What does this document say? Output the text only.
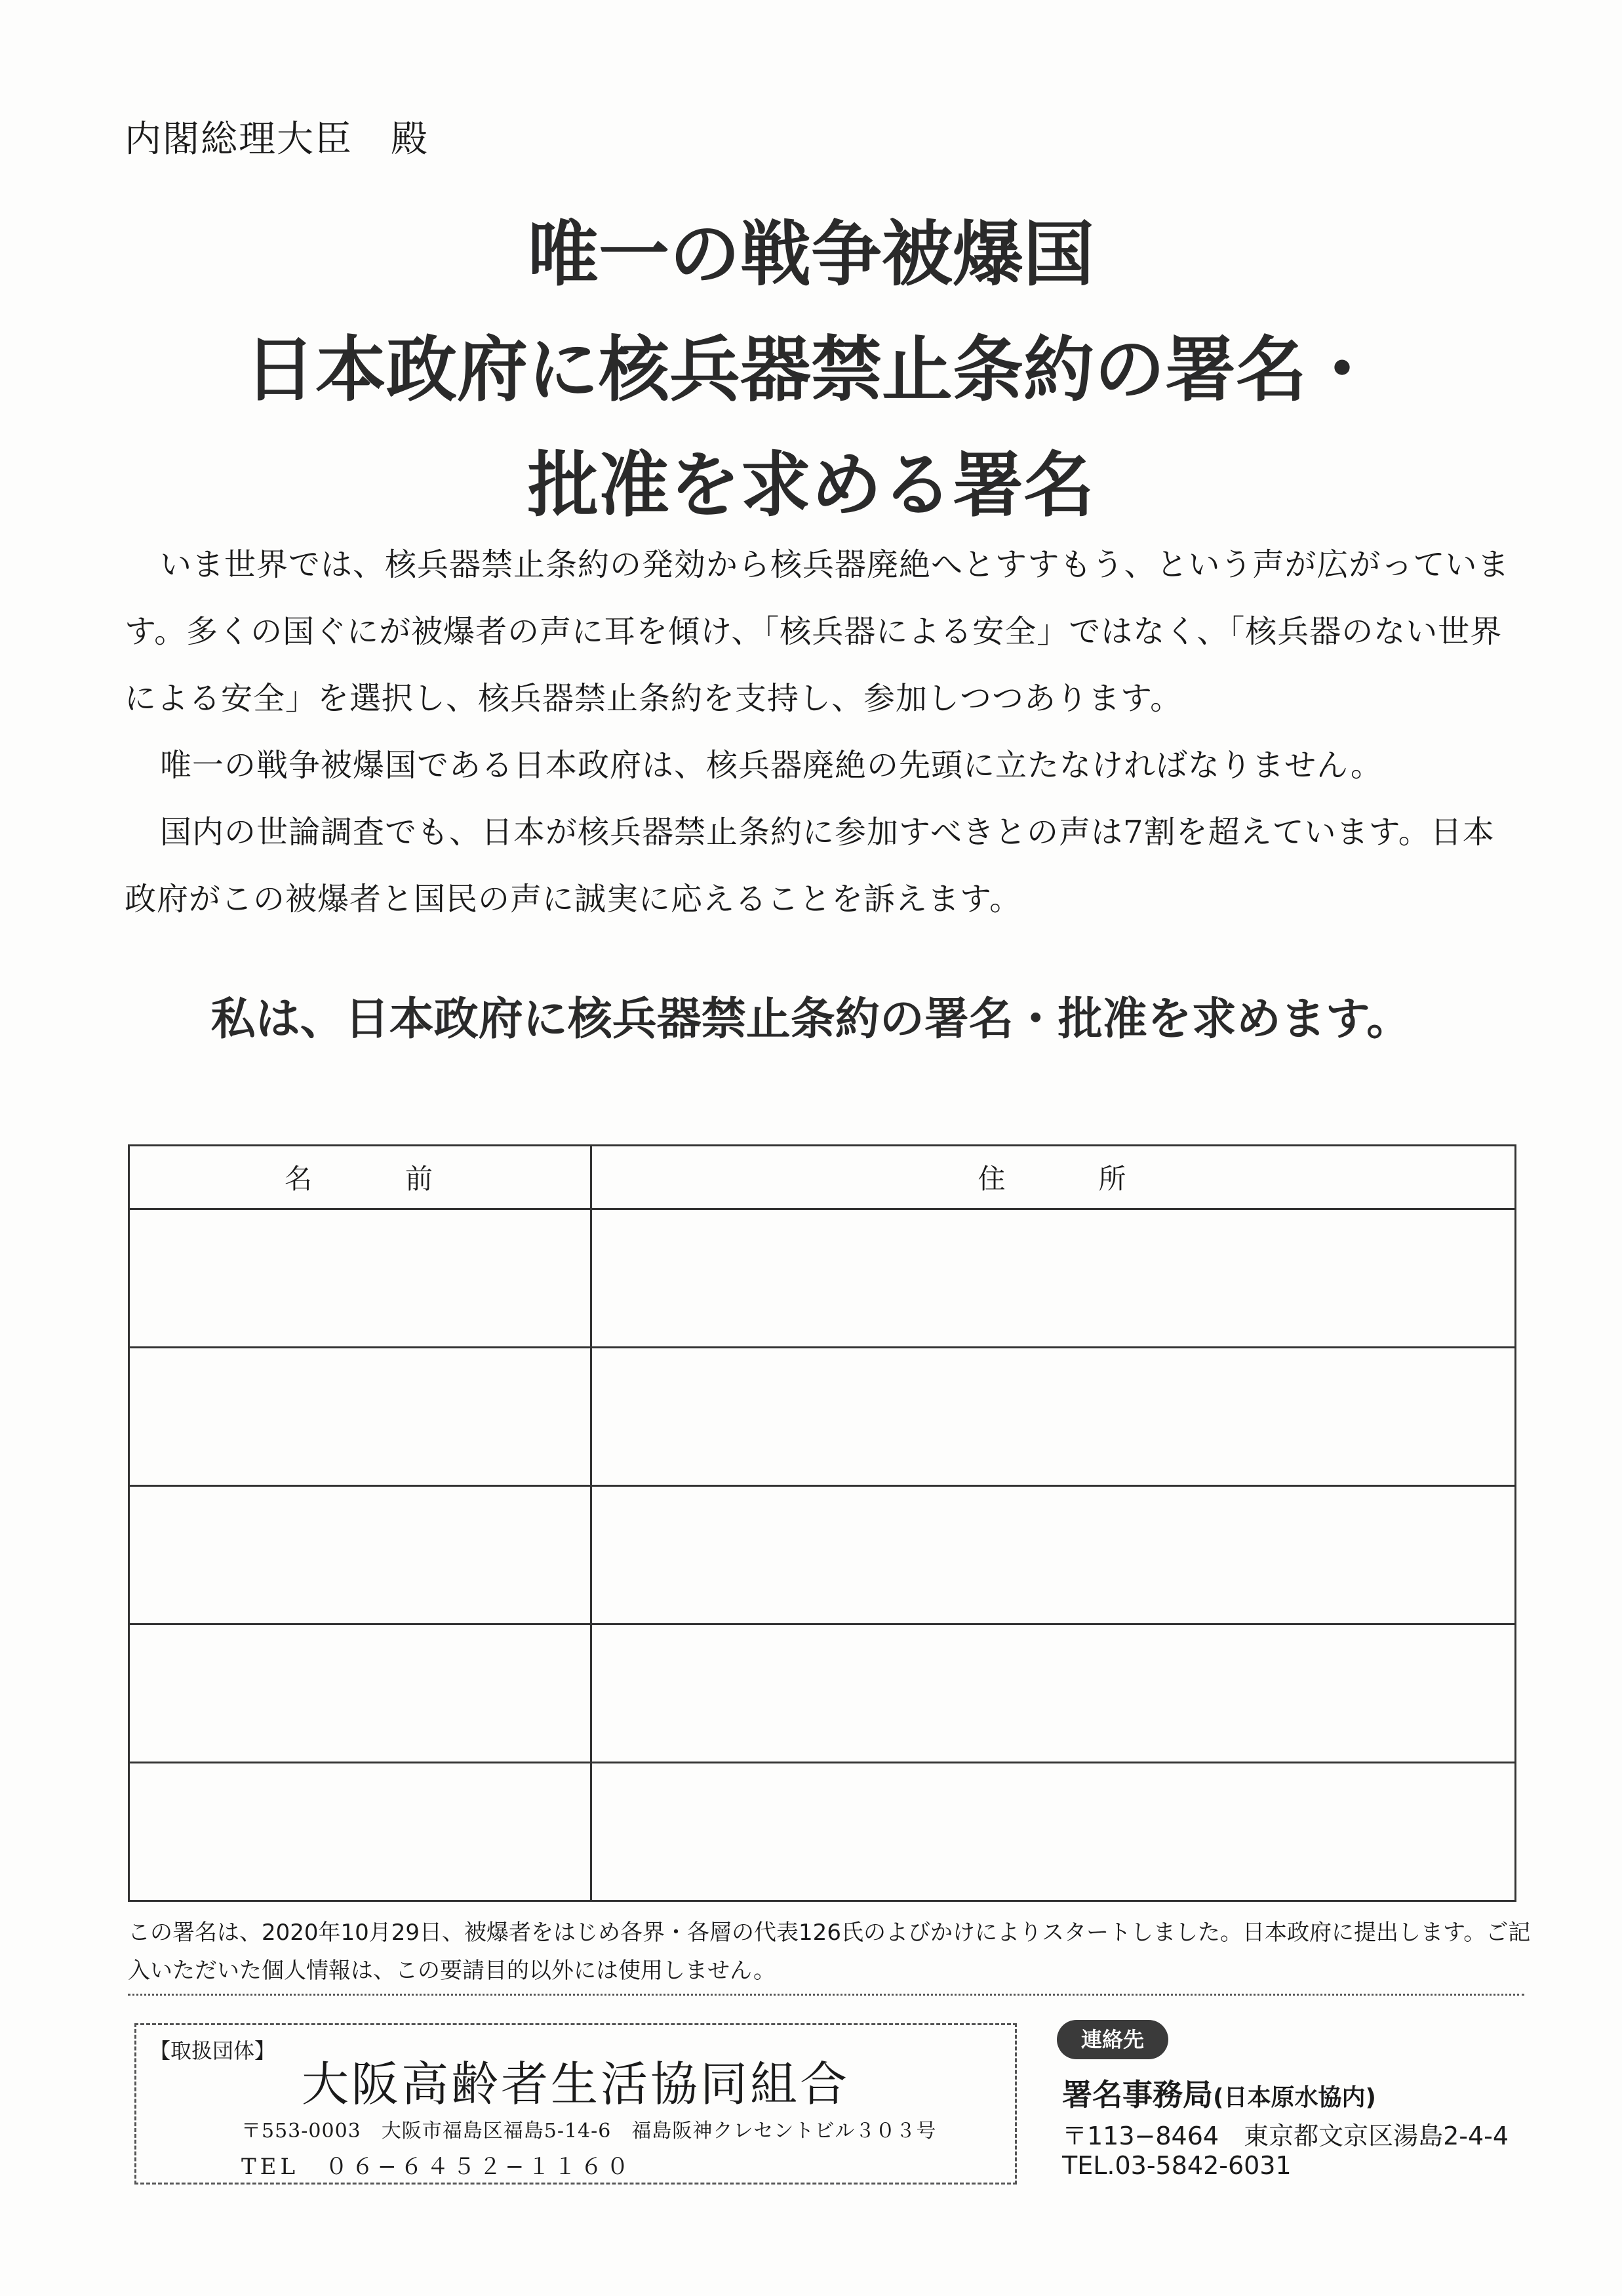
内閣総理大臣　殿
唯一の戦争被爆国
日本政府に核兵器禁止条約の署名・
批准を求める署名

いま世界では、核兵器禁止条約の発効から核兵器廃絶へとすすもう、という声が広がっています。多くの国ぐにが被爆者の声に耳を傾け、「核兵器による安全」ではなく、「核兵器のない世界による安全」を選択し、核兵器禁止条約を支持し、参加しつつあります。

唯一の戦争被爆国である日本政府は、核兵器廃絶の先頭に立たなければなりません。

国内の世論調査でも、日本が核兵器禁止条約に参加すべきとの声は7割を超えています。日本政府がこの被爆者と国民の声に誠実に応えることを訴えます。

私は、日本政府に核兵器禁止条約の署名・批准を求めます。
名　　　前	住　　　所

この署名は、2020年10月29日、被爆者をはじめ各界・各層の代表126氏のよびかけによりスタートしました。日本政府に提出します。ご記入いただいた個人情報は、この要請目的以外には使用しません。
【取扱団体】
大阪高齢者生活協同組合
〒553-0003　大阪市福島区福島5-14-6　福島阪神クレセントビル３０３号
TEL　０６−６４５２−１１６０
連絡先
署名事務局(日本原水協内)
〒113−8464　東京都文京区湯島2-4-4
TEL.03-5842-6031
